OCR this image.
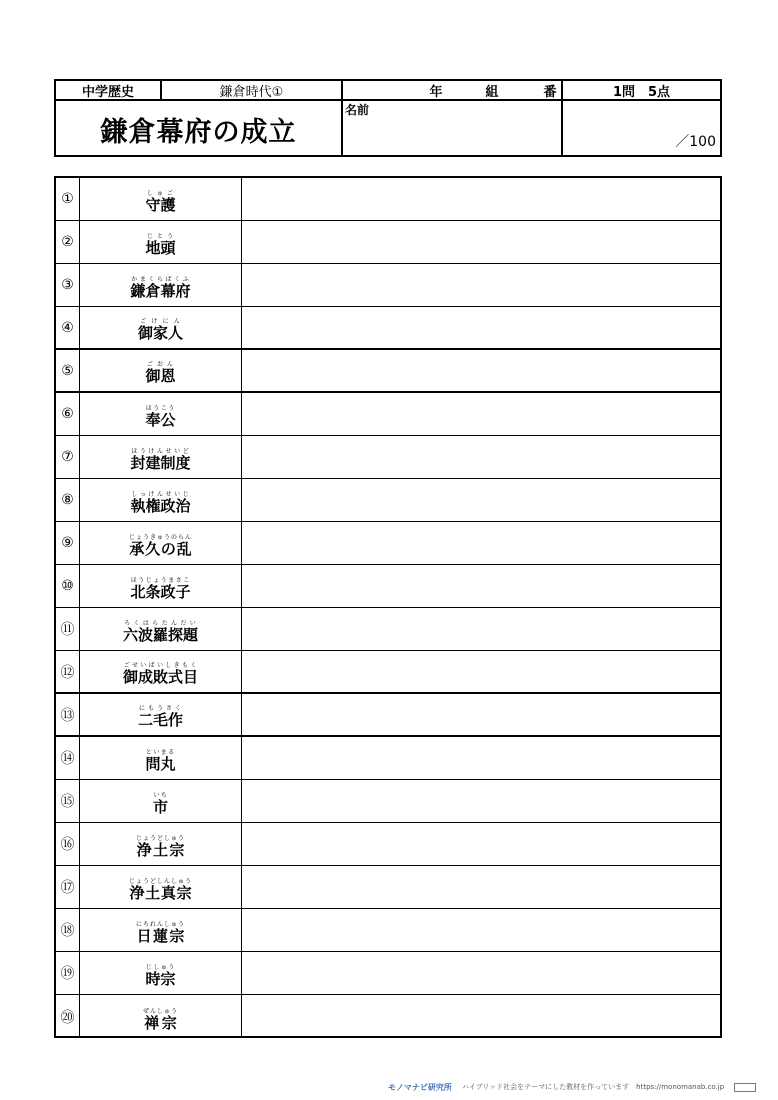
中学歴史	鎌倉時代①	年	組	番	1問　5点
鎌倉幕府の成立
名前
／100
①	守護しゅご
②	地頭じとう
③	鎌倉幕府かまくらばくふ
④	御家人ごけにん
⑤	御恩ごおん
⑥	奉公ほうこう
⑦	封建制度ほうけんせいど
⑧	執権政治しっけんせいじ
⑨	承久の乱じょうきゅうのらん
⑩	北条政子ほうじょうまさこ
⑪	六波羅探題ろくはらたんだい
⑫	御成敗式目ごせいばいしきもく
⑬	二毛作にもうさく
⑭	問丸といまる
⑮	市いち
⑯	浄土宗じょうどしゅう
⑰	浄土真宗じょうどしんしゅう
⑱	日蓮宗にちれんしゅう
⑲	時宗じしゅう
⑳	禅宗ぜんしゅう
モノマナビ研究所 ハイブリッド社会をテーマにした教材を作っています　https://monomanab.co.jp
